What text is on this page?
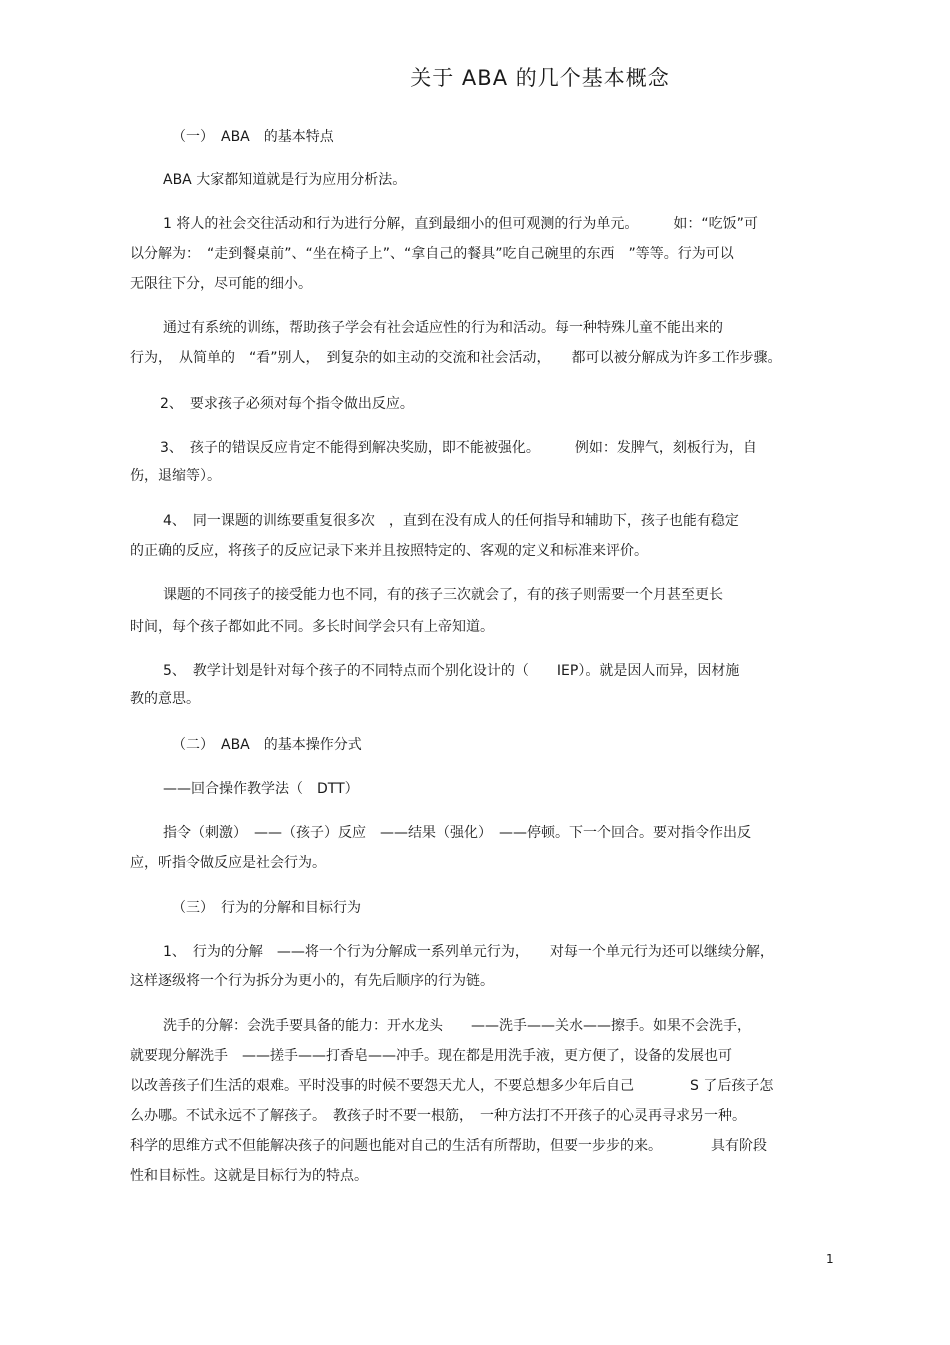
关于 ABA 的几个基本概念
（一）　ABA　的基本特点
ABA 大家都知道就是行为应用分析法。
1 将人的社会交往活动和行为进行分解，直到最细小的但可观测的行为单元。　　　如：“吃饭”可
以分解为：　“走到餐桌前”、“坐在椅子上”、“拿自己的餐具”吃自己碗里的东西　”等等。行为可以
无限往下分，尽可能的细小。
通过有系统的训练，帮助孩子学会有社会适应性的行为和活动。每一种特殊儿童不能出来的
行为，　从简单的　“看”别人，　到复杂的如主动的交流和社会活动，　　都可以被分解成为许多工作步骤。
2、　要求孩子必须对每个指令做出反应。
3、　孩子的错误反应肯定不能得到解决奖励，即不能被强化。　　　例如：发脾气，刻板行为，自
伤，退缩等）。
4、　同一课题的训练要重复很多次　，直到在没有成人的任何指导和辅助下，孩子也能有稳定
的正确的反应，将孩子的反应记录下来并且按照特定的、客观的定义和标准来评价。
课题的不同孩子的接受能力也不同，有的孩子三次就会了，有的孩子则需要一个月甚至更长
时间，每个孩子都如此不同。多长时间学会只有上帝知道。
5、　教学计划是针对每个孩子的不同特点而个别化设计的（　　IEP）。就是因人而异，因材施
教的意思。
（二）　ABA　的基本操作分式
——回合操作教学法（　DTT）
指令（刺激）　——（孩子）反应　——结果（强化）　——停顿。下一个回合。要对指令作出反
应，听指令做反应是社会行为。
（三）　行为的分解和目标行为
1、　行为的分解　——将一个行为分解成一系列单元行为，　　对每一个单元行为还可以继续分解，
这样逐级将一个行为拆分为更小的，有先后顺序的行为链。
洗手的分解：会洗手要具备的能力：开水龙头　　——洗手——关水——擦手。如果不会洗手，
就要现分解洗手　——搓手——打香皂——冲手。现在都是用洗手液，更方便了，设备的发展也可
以改善孩子们生活的艰难。平时没事的时候不要怨天尤人，不要总想多少年后自己　　　　S 了后孩子怎
么办哪。不试永远不了解孩子。　教孩子时不要一根筋，　一种方法打不开孩子的心灵再寻求另一种。
科学的思维方式不但能解决孩子的问题也能对自己的生活有所帮助，但要一步步的来。　　　　具有阶段
性和目标性。这就是目标行为的特点。
1
